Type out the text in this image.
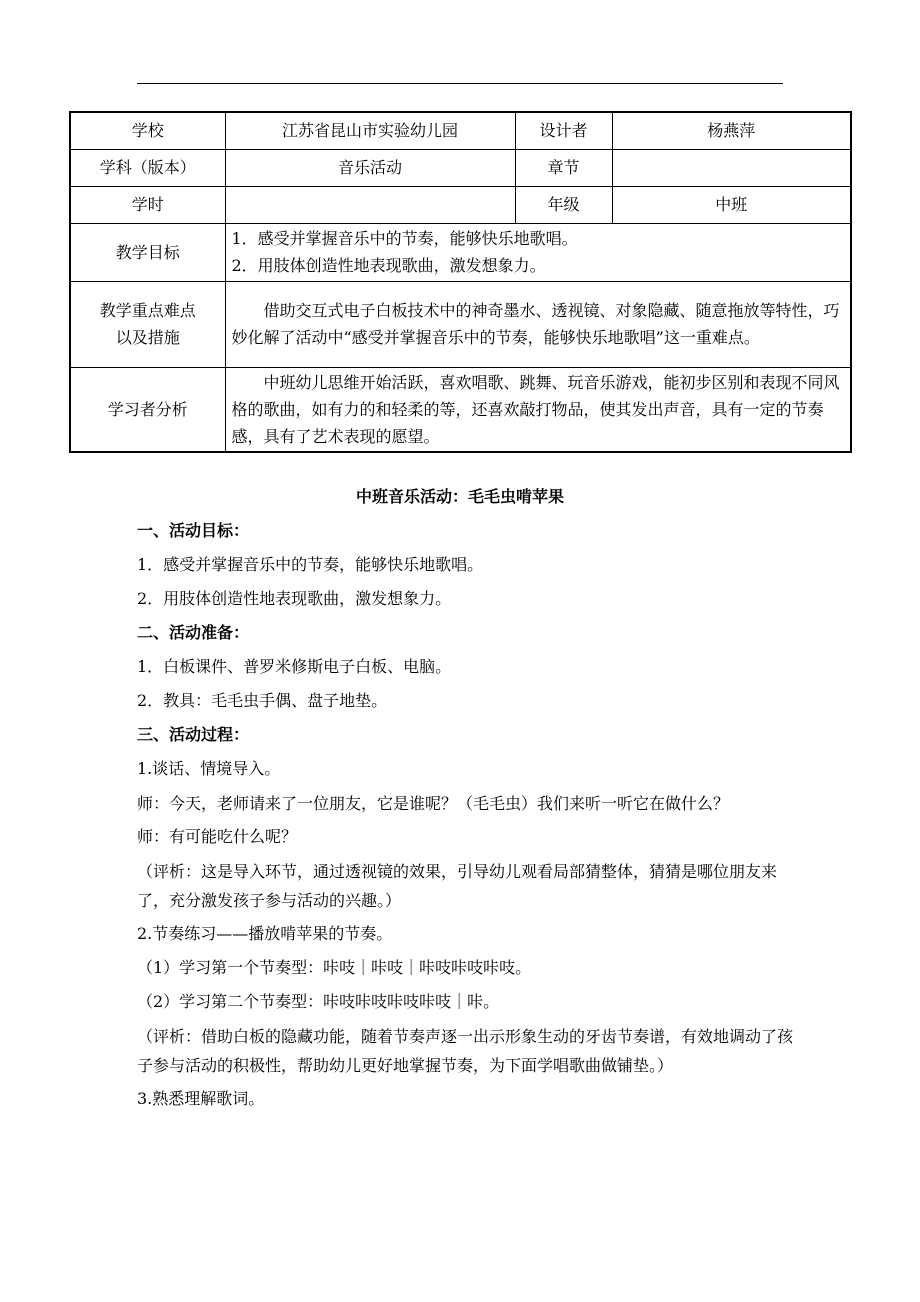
学校	江苏省昆山市实验幼儿园	设计者	杨燕萍
学科（版本）	音乐活动	章节	
学时		年级	中班
教学目标	1．感受并掌握音乐中的节奏，能够快乐地歌唱。
2．用肢体创造性地表现歌曲，激发想象力。		

教学重点难点
以及措施	借助交互式电子白板技术中的神奇墨水、透视镜、对象隐藏、随意拖放等特性，巧妙化解了活动中“感受并掌握音乐中的节奏，能够快乐地歌唱”这一重难点。		

学习者分析	中班幼儿思维开始活跃，喜欢唱歌、跳舞、玩音乐游戏，能初步区别和表现不同风格的歌曲，如有力的和轻柔的等，还喜欢敲打物品，使其发出声音，具有一定的节奏感，具有了艺术表现的愿望。		
中班音乐活动：毛毛虫啃苹果
一、活动目标：
1．感受并掌握音乐中的节奏，能够快乐地歌唱。
2．用肢体创造性地表现歌曲，激发想象力。
二、活动准备：
1．白板课件、普罗米修斯电子白板、电脑。
2．教具：毛毛虫手偶、盘子地垫。
三、活动过程：
1.谈话、情境导入。
师：今天，老师请来了一位朋友，它是谁呢？（毛毛虫）我们来听一听它在做什么？
师：有可能吃什么呢？
（评析：这是导入环节，通过透视镜的效果，引导幼儿观看局部猜整体，猜猜是哪位朋友来了，充分激发孩子参与活动的兴趣。）
2.节奏练习——播放啃苹果的节奏。
（1）学习第一个节奏型：咔吱｜咔吱｜咔吱咔吱咔吱。
（2）学习第二个节奏型：咔吱咔吱咔吱咔吱｜咔。
（评析：借助白板的隐藏功能，随着节奏声逐一出示形象生动的牙齿节奏谱，有效地调动了孩子参与活动的积极性，帮助幼儿更好地掌握节奏，为下面学唱歌曲做铺垫。）
3.熟悉理解歌词。
